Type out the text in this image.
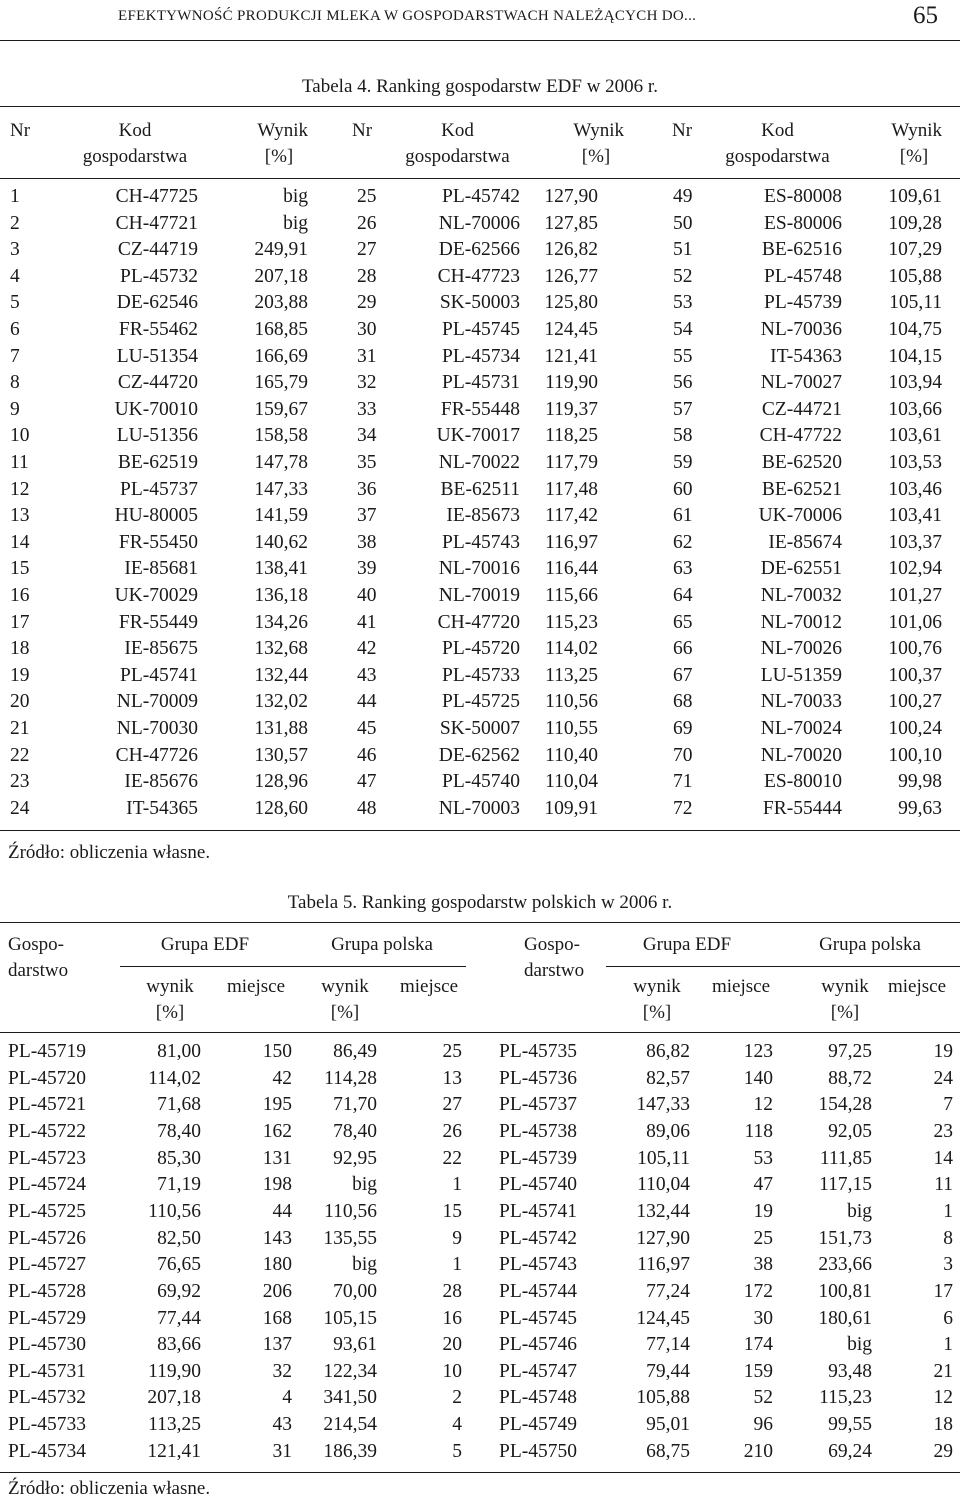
EFEKTYWNOŚĆ PRODUKCJI MLEKA W GOSPODARSTWACH NALEŻĄCYCH DO...	65
Tabela 4. Ranking gospodarstw EDF w 2006 r.
Nr	Kod
gospodarstwa
Wynik
[%]
Nr	Kod
gospodarstwa
Wynik
[%]
Nr	Kod
gospodarstwa
Wynik
[%]
1	CH-47725	big	25	PL-45742	127,90	49	ES-80008	109,61
2	CH-47721	big	26	NL-70006	127,85	50	ES-80006	109,28
3	CZ-44719	249,91	27	DE-62566	126,82	51	BE-62516	107,29
4	PL-45732	207,18	28	CH-47723	126,77	52	PL-45748	105,88
5	DE-62546	203,88	29	SK-50003	125,80	53	PL-45739	105,11
6	FR-55462	168,85	30	PL-45745	124,45	54	NL-70036	104,75
7	LU-51354	166,69	31	PL-45734	121,41	55	IT-54363	104,15
8	CZ-44720	165,79	32	PL-45731	119,90	56	NL-70027	103,94
9	UK-70010	159,67	33	FR-55448	119,37	57	CZ-44721	103,66
10	LU-51356	158,58	34	UK-70017	118,25	58	CH-47722	103,61
11	BE-62519	147,78	35	NL-70022	117,79	59	BE-62520	103,53
12	PL-45737	147,33	36	BE-62511	117,48	60	BE-62521	103,46
13	HU-80005	141,59	37	IE-85673	117,42	61	UK-70006	103,41
14	FR-55450	140,62	38	PL-45743	116,97	62	IE-85674	103,37
15	IE-85681	138,41	39	NL-70016	116,44	63	DE-62551	102,94
16	UK-70029	136,18	40	NL-70019	115,66	64	NL-70032	101,27
17	FR-55449	134,26	41	CH-47720	115,23	65	NL-70012	101,06
18	IE-85675	132,68	42	PL-45720	114,02	66	NL-70026	100,76
19	PL-45741	132,44	43	PL-45733	113,25	67	LU-51359	100,37
20	NL-70009	132,02	44	PL-45725	110,56	68	NL-70033	100,27
21	NL-70030	131,88	45	SK-50007	110,55	69	NL-70024	100,24
22	CH-47726	130,57	46	DE-62562	110,40	70	NL-70020	100,10
23	IE-85676	128,96	47	PL-45740	110,04	71	ES-80010	99,98
24	IT-54365	128,60	48	NL-70003	109,91	72	FR-55444	99,63
Źródło: obliczenia własne.
Tabela 5. Ranking gospodarstw polskich w 2006 r.
Gospo-
darstwo
Grupa EDF	Grupa polska
wynik
[%]
miejsce	wynik
[%]
miejsce
Gospo-
darstwo
Grupa EDF	Grupa polska
wynik
[%]
miejsce	wynik
[%]
miejsce
PL-45719	81,00	150	86,49	25 PL-45735	86,82	123	97,25	19
PL-45720	114,02	42	114,28	13 PL-45736	82,57	140	88,72	24
PL-45721	71,68	195	71,70	27 PL-45737	147,33	12	154,28	7
PL-45722	78,40	162	78,40	26 PL-45738	89,06	118	92,05	23
PL-45723	85,30	131	92,95	22 PL-45739	105,11	53	111,85	14
PL-45724	71,19	198	big	1 PL-45740	110,04	47	117,15	11
PL-45725	110,56	44	110,56	15 PL-45741	132,44	19	big	1
PL-45726	82,50	143	135,55	9 PL-45742	127,90	25	151,73	8
PL-45727	76,65	180	big	1 PL-45743	116,97	38	233,66	3
PL-45728	69,92	206	70,00	28 PL-45744	77,24	172	100,81	17
PL-45729	77,44	168	105,15	16 PL-45745	124,45	30	180,61	6
PL-45730	83,66	137	93,61	20 PL-45746	77,14	174	big	1
PL-45731	119,90	32	122,34	10 PL-45747	79,44	159	93,48	21
PL-45732	207,18	4	341,50	2 PL-45748	105,88	52	115,23	12
PL-45733	113,25	43	214,54	4 PL-45749	95,01	96	99,55	18
PL-45734	121,41	31	186,39	5 PL-45750	68,75	210	69,24	29
Źródło: obliczenia własne.
